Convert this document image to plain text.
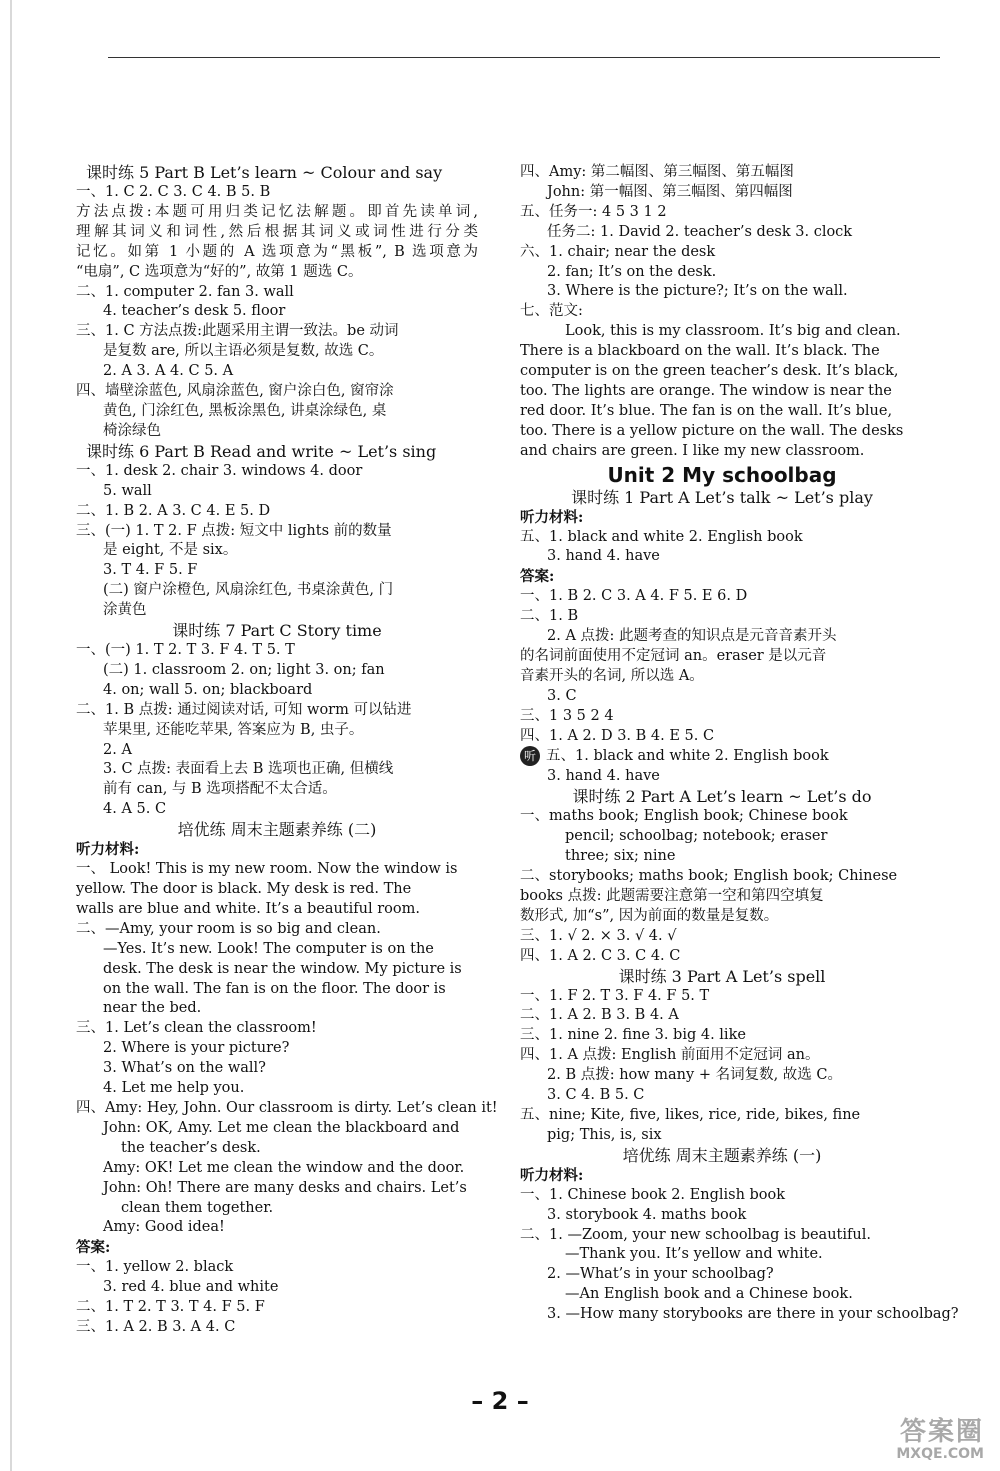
课时练 5 Part B Let’s learn ~ Colour and say
一、1. C 2. C 3. C 4. B 5. B
方法点拨:本题可用归类记忆法解题。即首先读单词,
理解其词义和词性,然后根据其词义或词性进行分类
记忆。如第 1 小题的 A 选项意为“黑板”, B 选项意为
“电扇”, C 选项意为“好的”, 故第 1 题选 C。
二、1. computer 2. fan 3. wall
4. teacher’s desk 5. floor
三、1. C 方法点拨:此题采用主谓一致法。be 动词
是复数 are, 所以主语必须是复数, 故选 C。
2. A 3. A 4. C 5. A
四、墙壁涂蓝色, 风扇涂蓝色, 窗户涂白色, 窗帘涂
黄色, 门涂红色, 黑板涂黑色, 讲桌涂绿色, 桌
椅涂绿色
课时练 6 Part B Read and write ~ Let’s sing
一、1. desk 2. chair 3. windows 4. door
5. wall
二、1. B 2. A 3. C 4. E 5. D
三、(一) 1. T 2. F 点拨: 短文中 lights 前的数量
是 eight, 不是 six。
3. T 4. F 5. F
(二) 窗户涂橙色, 风扇涂红色, 书桌涂黄色, 门
涂黄色
课时练 7 Part C Story time
一、(一) 1. T 2. T 3. F 4. T 5. T
(二) 1. classroom 2. on; light 3. on; fan
4. on; wall 5. on; blackboard
二、1. B 点拨: 通过阅读对话, 可知 worm 可以钻进
苹果里, 还能吃苹果, 答案应为 B, 虫子。
2. A
3. C 点拨: 表面看上去 B 选项也正确, 但横线
前有 can, 与 B 选项搭配不太合适。
4. A 5. C
培优练 周末主题素养练 (二)
听力材料:
一、 Look! This is my new room. Now the window is
yellow. The door is black. My desk is red. The
walls are blue and white. It’s a beautiful room.
二、—Amy, your room is so big and clean.
—Yes. It’s new. Look! The computer is on the
desk. The desk is near the window. My picture is
on the wall. The fan is on the floor. The door is
near the bed.
三、1. Let’s clean the classroom!
2. Where is your picture?
3. What’s on the wall?
4. Let me help you.
四、Amy: Hey, John. Our classroom is dirty. Let’s clean it!
John: OK, Amy. Let me clean the blackboard and
the teacher’s desk.
Amy: OK! Let me clean the window and the door.
John: Oh! There are many desks and chairs. Let’s
clean them together.
Amy: Good idea!
答案:
一、1. yellow 2. black
3. red 4. blue and white
二、1. T 2. T 3. T 4. F 5. F
三、1. A 2. B 3. A 4. C
四、Amy: 第二幅图、第三幅图、第五幅图
John: 第一幅图、第三幅图、第四幅图
五、任务一: 4 5 3 1 2
任务二: 1. David 2. teacher’s desk 3. clock
六、1. chair; near the desk
2. fan; It’s on the desk.
3. Where is the picture?; It’s on the wall.
七、范文:
Look, this is my classroom. It’s big and clean.
There is a blackboard on the wall. It’s black. The
computer is on the green teacher’s desk. It’s black,
too. The lights are orange. The window is near the
red door. It’s blue. The fan is on the wall. It’s blue,
too. There is a yellow picture on the wall. The desks
and chairs are green. I like my new classroom.
Unit 2 My schoolbag
课时练 1 Part A Let’s talk ~ Let’s play
听力材料:
五、1. black and white 2. English book
3. hand 4. have
答案:
一、1. B 2. C 3. A 4. F 5. E 6. D
二、1. B
2. A 点拨: 此题考查的知识点是元音音素开头
的名词前面使用不定冠词 an。eraser 是以元音
音素开头的名词, 所以选 A。
3. C
三、1 3 5 2 4
四、1. A 2. D 3. B 4. E 5. C
听 五、1. black and white 2. English book
3. hand 4. have
课时练 2 Part A Let’s learn ~ Let’s do
一、maths book; English book; Chinese book
pencil; schoolbag; notebook; eraser
three; six; nine
二、storybooks; maths book; English book; Chinese
books 点拨: 此题需要注意第一空和第四空填复
数形式, 加“s”, 因为前面的数量是复数。
三、1. √ 2. × 3. √ 4. √
四、1. A 2. C 3. C 4. C
课时练 3 Part A Let’s spell
一、1. F 2. T 3. F 4. F 5. T
二、1. A 2. B 3. B 4. A
三、1. nine 2. fine 3. big 4. like
四、1. A 点拨: English 前面用不定冠词 an。
2. B 点拨: how many + 名词复数, 故选 C。
3. C 4. B 5. C
五、nine; Kite, five, likes, rice, ride, bikes, fine
pig; This, is, six
培优练 周末主题素养练 (一)
听力材料:
一、1. Chinese book 2. English book
3. storybook 4. maths book
二、1. —Zoom, your new schoolbag is beautiful.
—Thank you. It’s yellow and white.
2. —What’s in your schoolbag?
—An English book and a Chinese book.
3. —How many storybooks are there in your schoolbag?
– 2 –
答案圈
MXQE.COM
